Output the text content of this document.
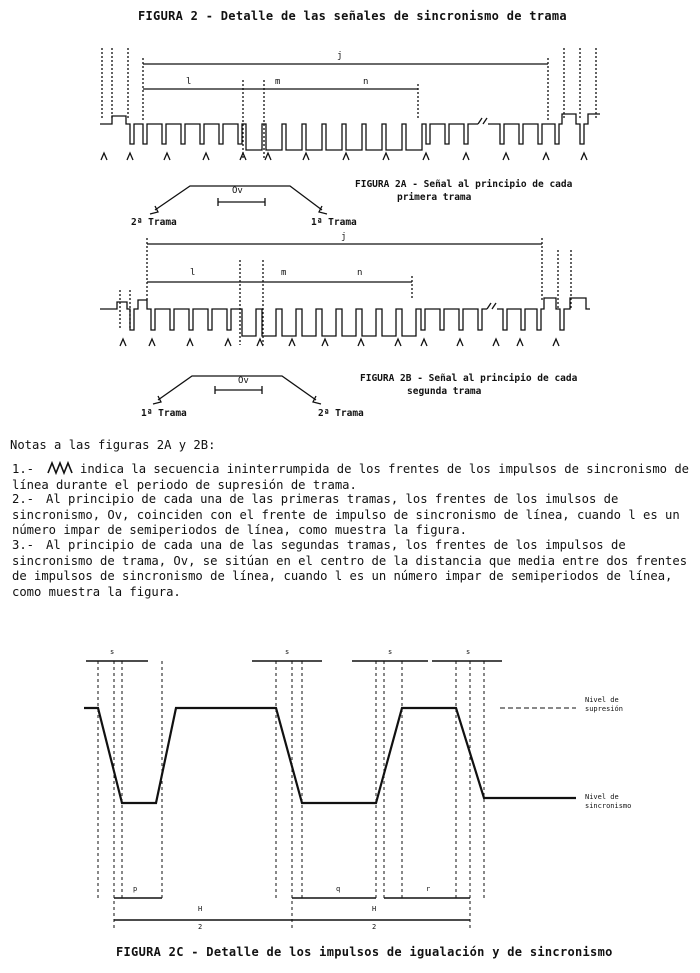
FIGURA 2 - Detalle de las señales de sincronismo de trama
j
l	m	n
Ov
FIGURA 2A - Señal al principio de cada
primera trama
2ª Trama	1ª Trama
j
l	m	n
Ov	FIGURA 2B - Señal al principio de cada
segunda trama
1ª Trama	2ª Trama
Notas a las figuras 2A y 2B:
1.-	indica la secuencia ininterrumpida de los frentes de los impulsos de sincronismo de línea durante el periodo de supresión de trama.
2.- Al principio de cada una de las primeras tramas, los frentes de los imulsos de sincronismo, Ov, coinciden con el frente de impulso de sincronismo de línea, cuando l es un número impar de semiperiodos de línea, como muestra la figura.
3.- Al principio de cada una de las segundas tramas, los frentes de los impulsos de sincronismo de trama, Ov, se sitúan en el centro de la distancia que media entre dos frentes de impulsos de sincronismo de línea, cuando l es un número impar de semiperiodos de línea, como muestra la figura.
s	s	s	s
Nivel de
supresión
Nivel de
sincronismo
p	q	r
H
2
H
2
FIGURA 2C - Detalle de los impulsos de igualación y de sincronismo
